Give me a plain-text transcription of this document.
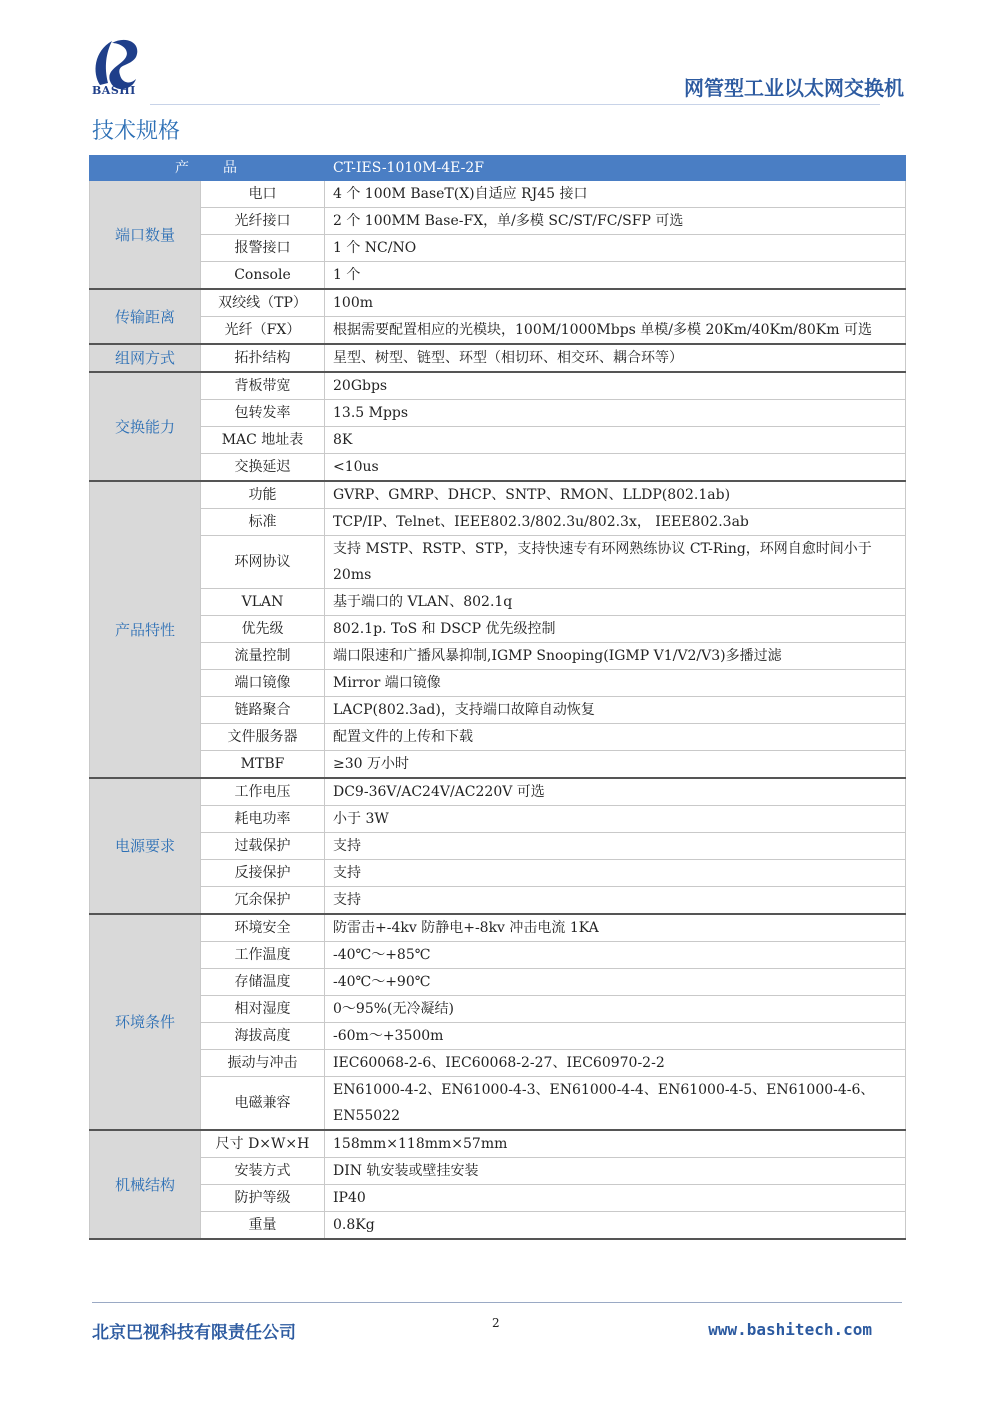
BASHI	网管型工业以太网交换机
技术规格
产　　品		CT-IES-1010M-4E-2F
端口数量	电口	4 个 100M BaseT(X)自适应 RJ45 接口
	光纤接口	2 个 100MM Base-FX，单/多模 SC/ST/FC/SFP 可选
	报警接口	1 个 NC/NO
	Console	1 个
传输距离	双绞线（TP）	100m
	光纤（FX）	根据需要配置相应的光模块，100M/1000Mbps 单模/多模 20Km/40Km/80Km 可选
组网方式	拓扑结构	星型、树型、链型、环型（相切环、相交环、耦合环等）
交换能力	背板带宽	20Gbps
	包转发率	13.5 Mpps
	MAC 地址表	8K
	交换延迟	<10us
产品特性	功能	GVRP、GMRP、DHCP、SNTP、RMON、LLDP(802.1ab)
	标准	TCP/IP、Telnet、IEEE802.3/802.3u/802.3x， IEEE802.3ab
	环网协议	支持 MSTP、RSTP、STP，支持快速专有环网熟练协议 CT-Ring，环网自愈时间小于 20ms
	VLAN	基于端口的 VLAN、802.1q
	优先级	802.1p. ToS 和 DSCP 优先级控制
	流量控制	端口限速和广播风暴抑制,IGMP Snooping(IGMP V1/V2/V3)多播过滤
	端口镜像	Mirror 端口镜像
	链路聚合	LACP(802.3ad)，支持端口故障自动恢复
	文件服务器	配置文件的上传和下载
	MTBF	≥30 万小时
电源要求	工作电压	DC9-36V/AC24V/AC220V 可选
	耗电功率	小于 3W
	过载保护	支持
	反接保护	支持
	冗余保护	支持
环境条件	环境安全	防雷击+-4kv 防静电+-8kv 冲击电流 1KA
	工作温度	-40℃～+85℃
	存储温度	-40℃～+90℃
	相对湿度	0～95%(无冷凝结)
	海拔高度	-60m～+3500m
	振动与冲击	IEC60068-2-6、IEC60068-2-27、IEC60970-2-2
	电磁兼容	EN61000-4-2、EN61000-4-3、EN61000-4-4、EN61000-4-5、EN61000-4-6、EN55022
机械结构	尺寸 D×W×H	158mm×118mm×57mm
	安装方式	DIN 轨安装或壁挂安装
	防护等级	IP40
	重量	0.8Kg
北京巴视科技有限责任公司	2	www.bashitech.com
